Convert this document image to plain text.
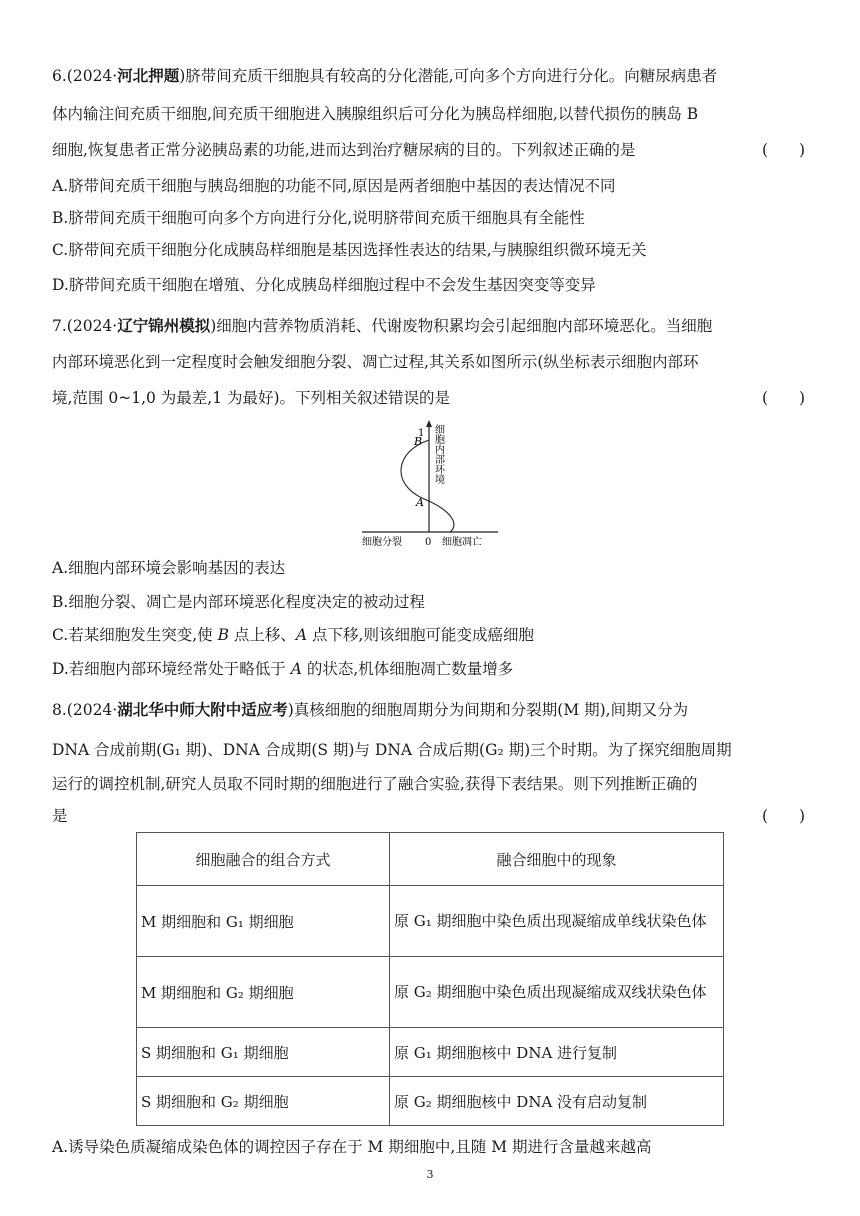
6.(2024·河北押题)脐带间充质干细胞具有较高的分化潜能,可向多个方向进行分化。向糖尿病患者
体内输注间充质干细胞,间充质干细胞进入胰腺组织后可分化为胰岛样细胞,以替代损伤的胰岛 B
细胞,恢复患者正常分泌胰岛素的功能,进而达到治疗糖尿病的目的。下列叙述正确的是	(　　)
A.脐带间充质干细胞与胰岛细胞的功能不同,原因是两者细胞中基因的表达情况不同
B.脐带间充质干细胞可向多个方向进行分化,说明脐带间充质干细胞具有全能性
C.脐带间充质干细胞分化成胰岛样细胞是基因选择性表达的结果,与胰腺组织微环境无关
D.脐带间充质干细胞在增殖、分化成胰岛样细胞过程中不会发生基因突变等变异
7.(2024·辽宁锦州模拟)细胞内营养物质消耗、代谢废物积累均会引起细胞内部环境恶化。当细胞
内部环境恶化到一定程度时会触发细胞分裂、凋亡过程,其关系如图所示(纵坐标表示细胞内部环
境,范围 0~1,0 为最差,1 为最好)。下列相关叙述错误的是	(　　)
1
B
A
细胞内部环境
细胞分裂 0 细胞凋亡
A.细胞内部环境会影响基因的表达
B.细胞分裂、凋亡是内部环境恶化程度决定的被动过程
C.若某细胞发生突变,使 B 点上移、A 点下移,则该细胞可能变成癌细胞
D.若细胞内部环境经常处于略低于 A 的状态,机体细胞凋亡数量增多
8.(2024·湖北华中师大附中适应考)真核细胞的细胞周期分为间期和分裂期(M 期),间期又分为
DNA 合成前期(G₁ 期)、DNA 合成期(S 期)与 DNA 合成后期(G₂ 期)三个时期。为了探究细胞周期
运行的调控机制,研究人员取不同时期的细胞进行了融合实验,获得下表结果。则下列推断正确的
是	(　　)
细胞融合的组合方式	融合细胞中的现象
M 期细胞和 G₁ 期细胞	原 G₁ 期细胞中染色质出现凝缩成单线状染色体
M 期细胞和 G₂ 期细胞	原 G₂ 期细胞中染色质出现凝缩成双线状染色体
S 期细胞和 G₁ 期细胞	原 G₁ 期细胞核中 DNA 进行复制
S 期细胞和 G₂ 期细胞	原 G₂ 期细胞核中 DNA 没有启动复制
A.诱导染色质凝缩成染色体的调控因子存在于 M 期细胞中,且随 M 期进行含量越来越高
3
